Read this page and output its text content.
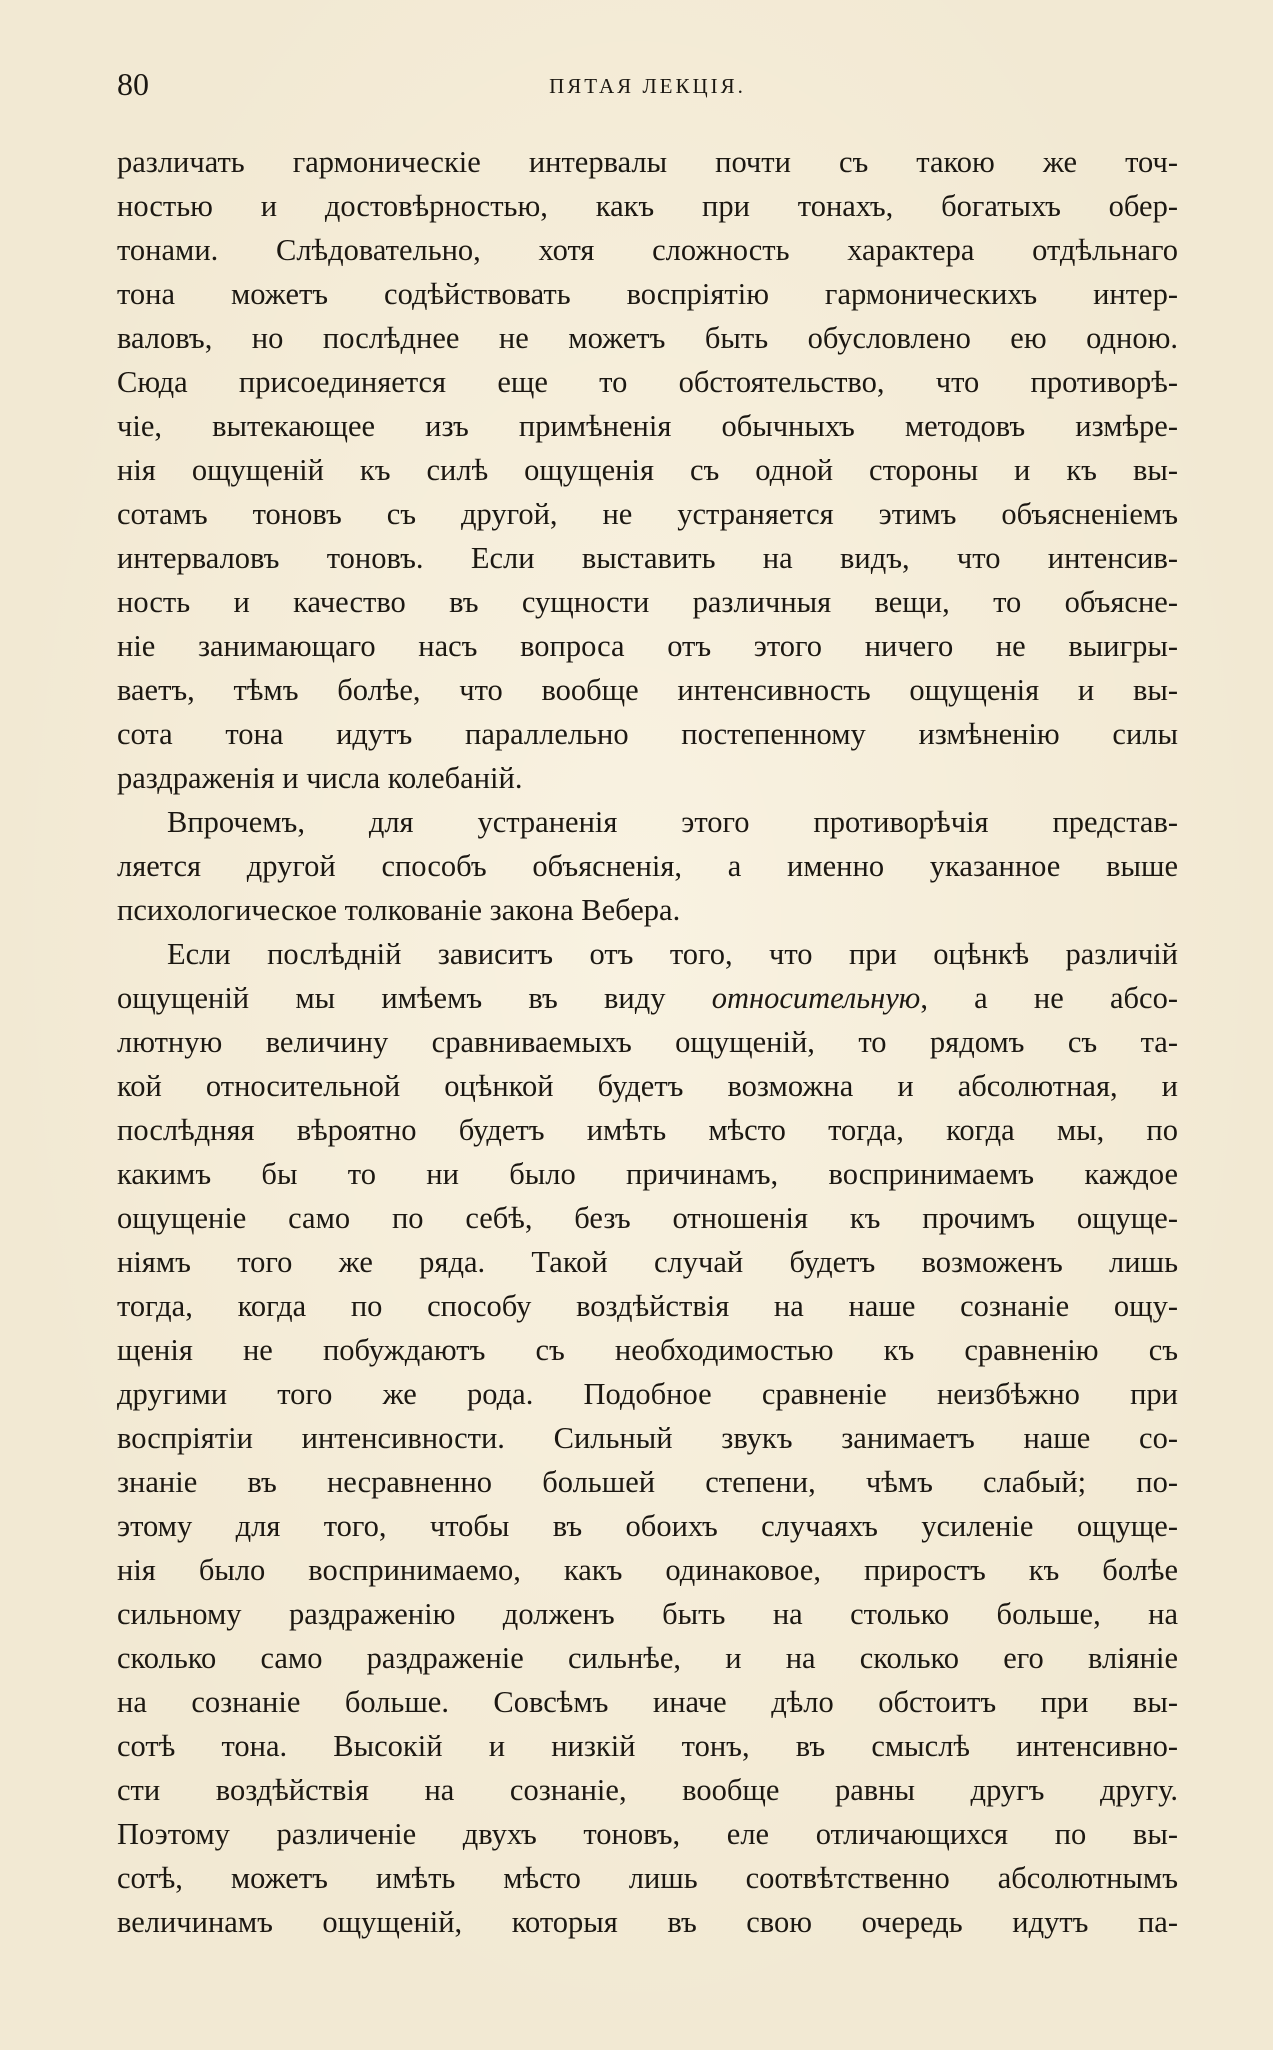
80	ПЯТАЯ ЛЕКЦІЯ.
различать гармоническіе интервалы почти съ такою же точ-
ностью и достовѣрностью, какъ при тонахъ, богатыхъ обер-
тонами. Слѣдовательно, хотя сложность характера отдѣльнаго
тона можетъ содѣйствовать воспріятію гармоническихъ интер-
валовъ, но послѣднее не можетъ быть обусловлено ею одною.
Сюда присоединяется еще то обстоятельство, что противорѣ-
чіе, вытекающее изъ примѣненія обычныхъ методовъ измѣре-
нія ощущеній къ силѣ ощущенія съ одной стороны и къ вы-
сотамъ тоновъ съ другой, не устраняется этимъ объясненіемъ
интерваловъ тоновъ. Если выставить на видъ, что интенсив-
ность и качество въ сущности различныя вещи, то объясне-
ніе занимающаго насъ вопроса отъ этого ничего не выигры-
ваетъ, тѣмъ болѣе, что вообще интенсивность ощущенія и вы-
сота тона идутъ параллельно постепенному измѣненію силы
раздраженія и числа колебаній.
Впрочемъ, для устраненія этого противорѣчія представ-
ляется другой способъ объясненія, а именно указанное выше
психологическое толкованіе закона Вебера.
Если послѣдній зависитъ отъ того, что при оцѣнкѣ различій
ощущеній мы имѣемъ въ виду относительную, а не абсо-
лютную величину сравниваемыхъ ощущеній, то рядомъ съ та-
кой относительной оцѣнкой будетъ возможна и абсолютная, и
послѣдняя вѣроятно будетъ имѣть мѣсто тогда, когда мы, по
какимъ бы то ни было причинамъ, воспринимаемъ каждое
ощущеніе само по себѣ, безъ отношенія къ прочимъ ощуще-
ніямъ того же ряда. Такой случай будетъ возможенъ лишь
тогда, когда по способу воздѣйствія на наше сознаніе ощу-
щенія не побуждаютъ съ необходимостью къ сравненію съ
другими того же рода. Подобное сравненіе неизбѣжно при
воспріятіи интенсивности. Сильный звукъ занимаетъ наше со-
знаніе въ несравненно большей степени, чѣмъ слабый; по-
этому для того, чтобы въ обоихъ случаяхъ усиленіе ощуще-
нія было воспринимаемо, какъ одинаковое, приростъ къ болѣе
сильному раздраженію долженъ быть на столько больше, на
сколько само раздраженіе сильнѣе, и на сколько его вліяніе
на сознаніе больше. Совсѣмъ иначе дѣло обстоитъ при вы-
сотѣ тона. Высокій и низкій тонъ, въ смыслѣ интенсивно-
сти воздѣйствія на сознаніе, вообще равны другъ другу.
Поэтому различеніе двухъ тоновъ, еле отличающихся по вы-
сотѣ, можетъ имѣть мѣсто лишь соотвѣтственно абсолютнымъ
величинамъ ощущеній, которыя въ свою очередь идутъ па-
